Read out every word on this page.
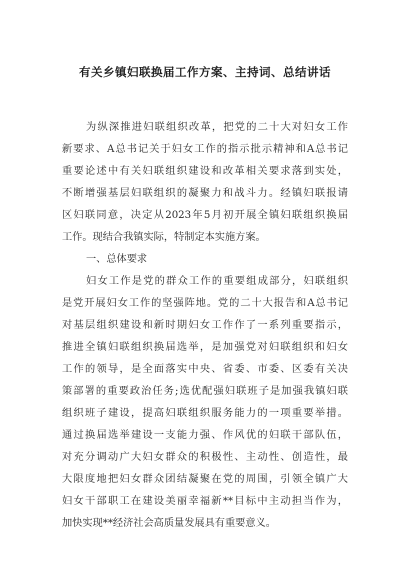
有关乡镇妇联换届工作方案、主持词、总结讲话
为纵深推进妇联组织改革，把党的二十大对妇女工作
新要求、A总书记关于妇女工作的指示批示精神和A总书记
重要论述中有关妇联组织建设和改革相关要求落到实处，
不断增强基层妇联组织的凝聚力和战斗力。经镇妇联报请
区妇联同意，决定从2023年5月初开展全镇妇联组织换届
工作。现结合我镇实际，特制定本实施方案。
一、总体要求
妇女工作是党的群众工作的重要组成部分，妇联组织
是党开展妇女工作的坚强阵地。党的二十大报告和A总书记
对基层组织建设和新时期妇女工作作了一系列重要指示，
推进全镇妇联组织换届选举，是加强党对妇联组织和妇女
工作的领导，是全面落实中央、省委、市委、区委有关决
策部署的重要政治任务;选优配强妇联班子是加强我镇妇联
组织班子建设，提高妇联组织服务能力的一项重要举措。
通过换届选举建设一支能力强、作风优的妇联干部队伍，
对充分调动广大妇女群众的积极性、主动性、创造性，最
大限度地把妇女群众团结凝聚在党的周围，引领全镇广大
妇女干部职工在建设美丽幸福新**目标中主动担当作为，
加快实现**经济社会高质量发展具有重要意义。
